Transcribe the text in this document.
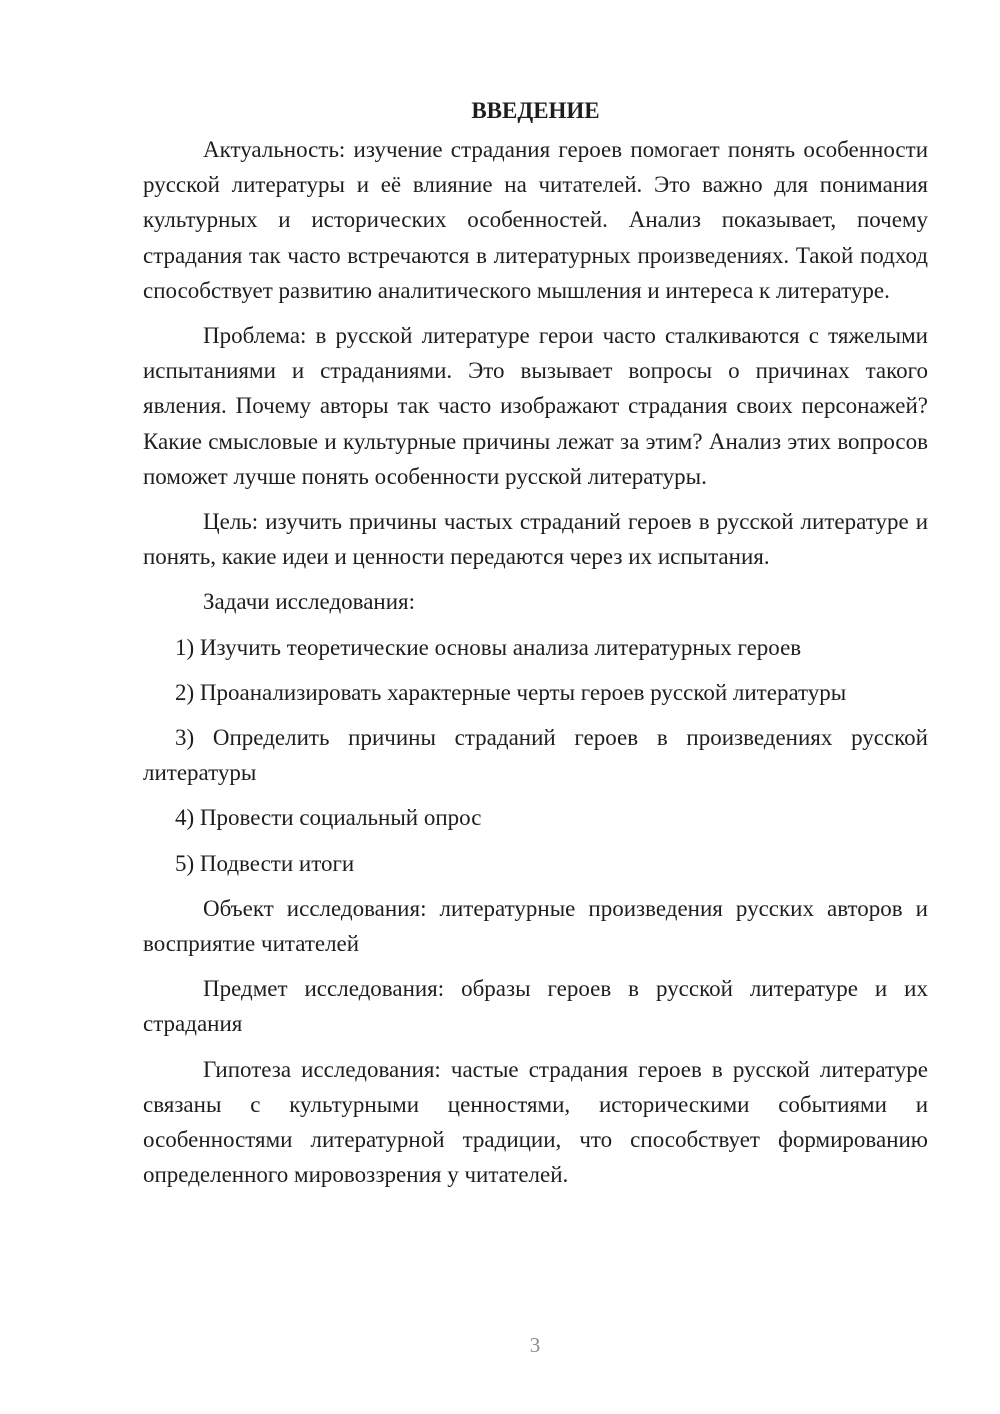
ВВЕДЕНИЕ

Актуальность: изучение страдания героев помогает понять особенности русской литературы и её влияние на читателей. Это важно для понимания культурных и исторических особенностей. Анализ показывает, почему страдания так часто встречаются в литературных произведениях. Такой подход способствует развитию аналитического мышления и интереса к литературе.

Проблема: в русской литературе герои часто сталкиваются с тяжелыми испытаниями и страданиями. Это вызывает вопросы о причинах такого явления. Почему авторы так часто изображают страдания своих персонажей? Какие смысловые и культурные причины лежат за этим? Анализ этих вопросов поможет лучше понять особенности русской литературы.

Цель: изучить причины частых страданий героев в русской литературе и понять, какие идеи и ценности передаются через их испытания.

Задачи исследования:

1) Изучить теоретические основы анализа литературных героев

2) Проанализировать характерные черты героев русской литературы

3) Определить причины страданий героев в произведениях русской литературы

4) Провести социальный опрос

5) Подвести итоги

Объект исследования: литературные произведения русских авторов и восприятие читателей

Предмет исследования: образы героев в русской литературе и их страдания

Гипотеза исследования: частые страдания героев в русской литературе связаны с культурными ценностями, историческими событиями и особенностями литературной традиции, что способствует формированию определенного мировоззрения у читателей.

3
